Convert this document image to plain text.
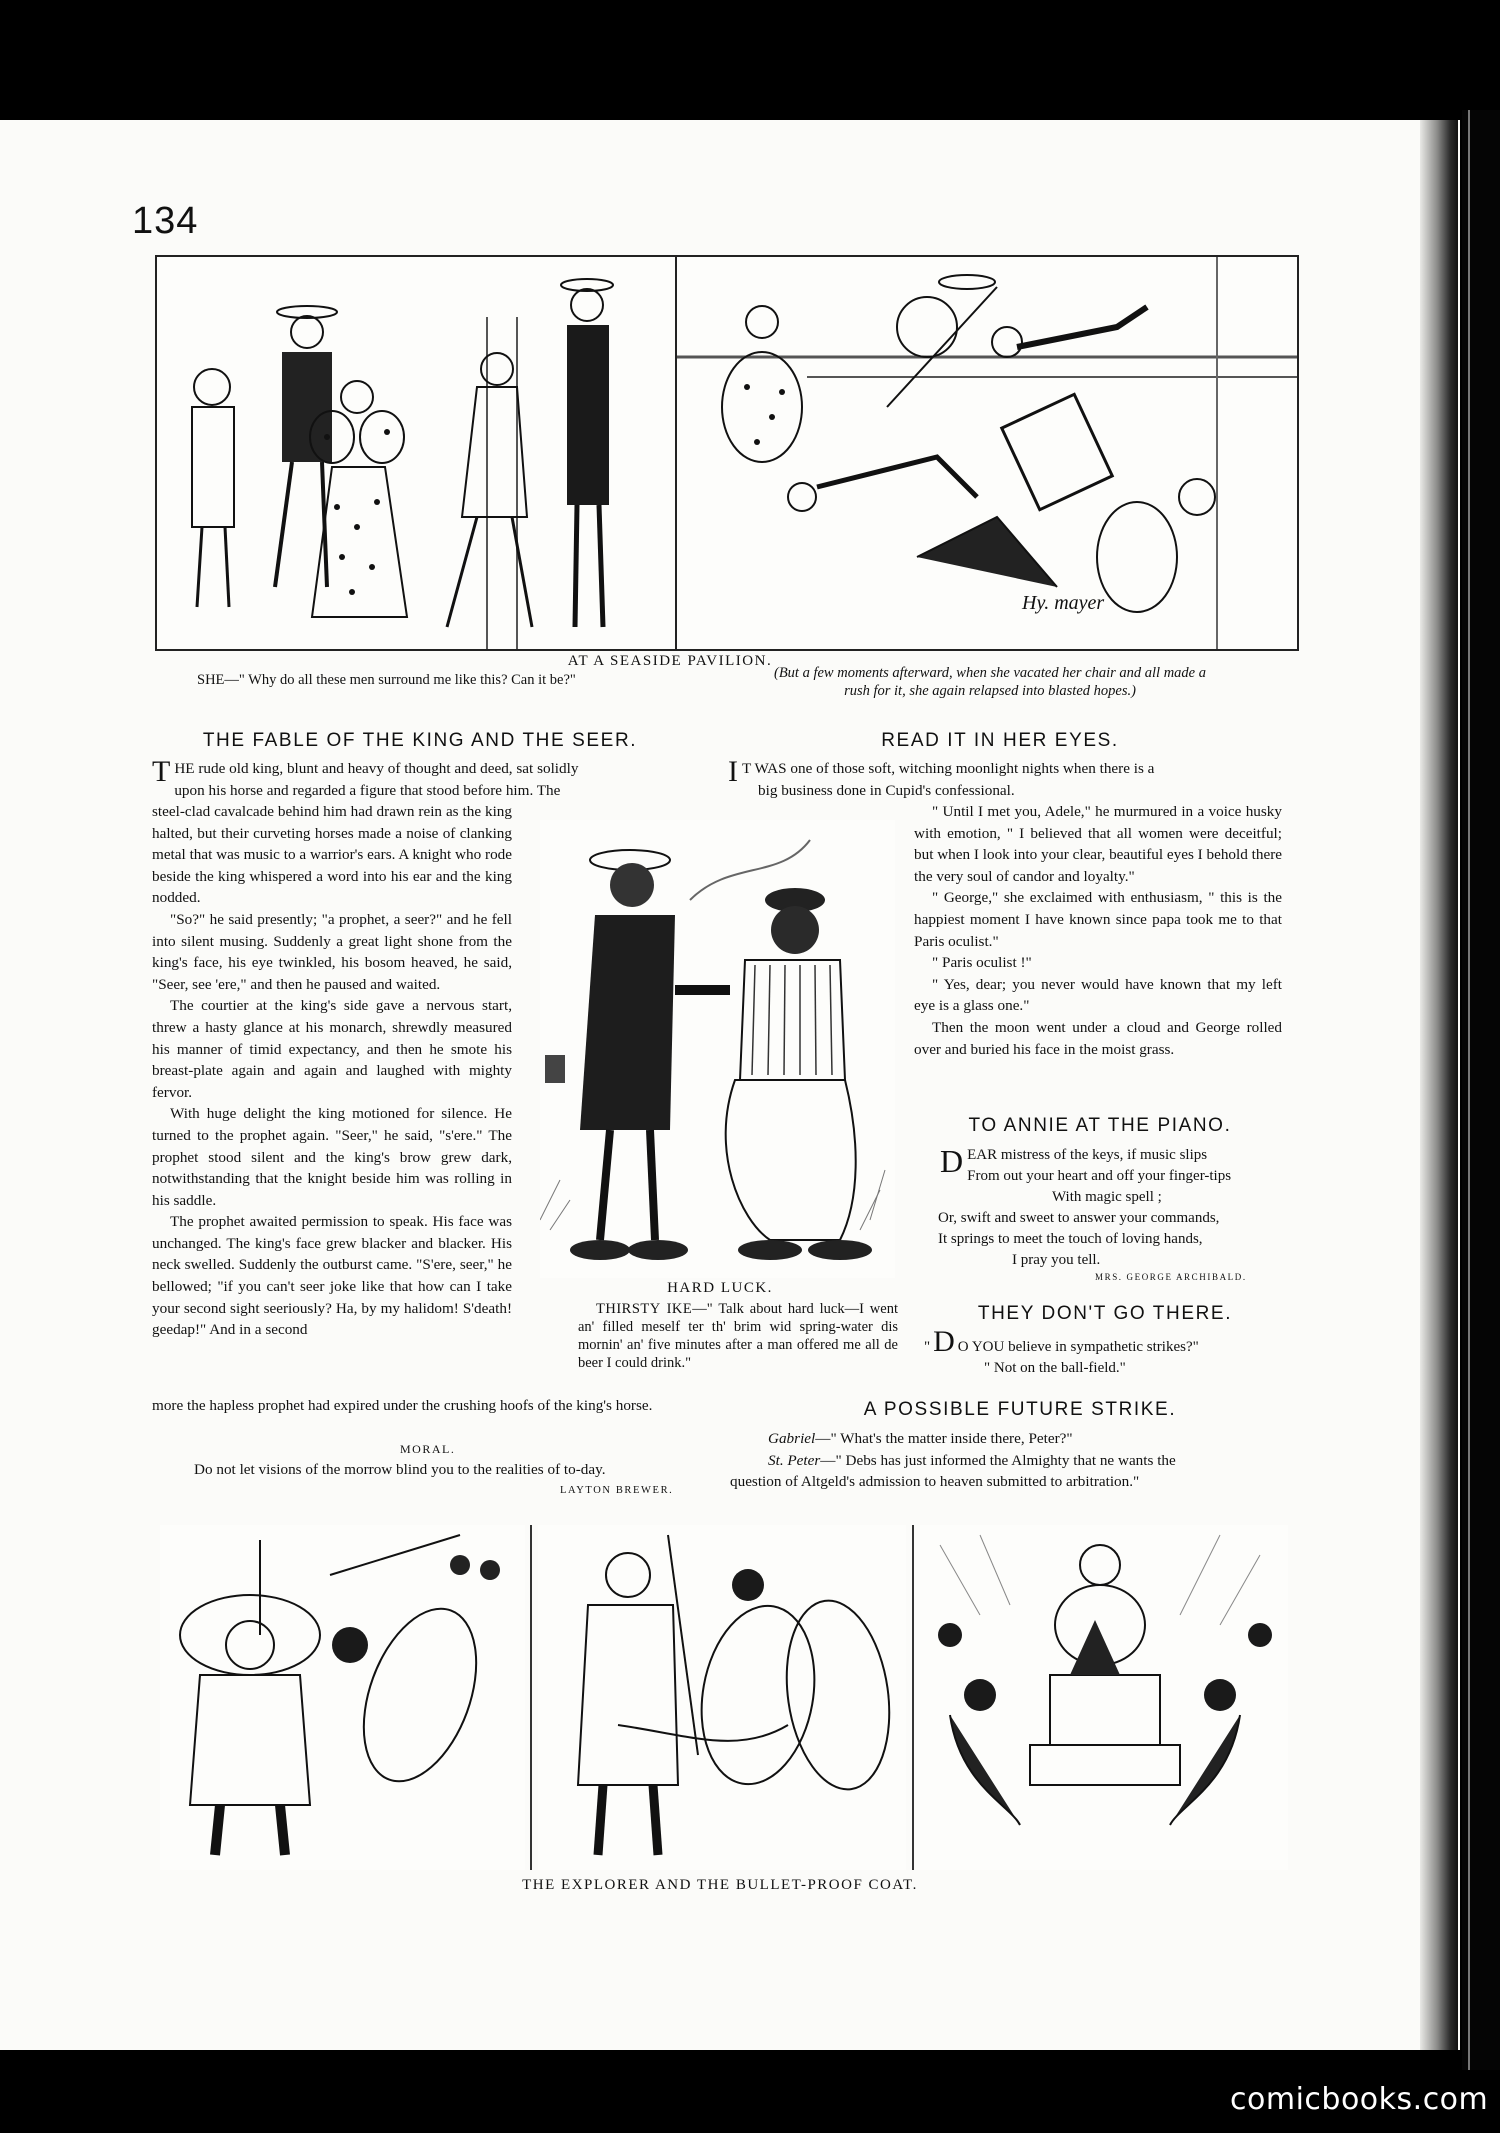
134
Hy. mayer
AT A SEASIDE PAVILION.
SHE—" Why do all these men surround me like this? Can it be?"	(But a few moments afterward, when she vacated her chair and all made a
rush for it, she again relapsed into blasted hopes.)
THE FABLE OF THE KING AND THE SEER.
T HE rude old king, blunt and heavy of thought and deed, sat solidly
upon his horse and regarded a figure that stood before him. The

steel-clad cavalcade behind him had drawn rein as the king halted, but their curveting horses made a noise of clanking metal that was music to a warrior's ears. A knight who rode beside the king whispered a word into his ear and the king nodded.

"So?" he said presently; "a prophet, a seer?" and he fell into silent musing. Suddenly a great light shone from the king's face, his eye twinkled, his bosom heaved, he said, "Seer, see 'ere," and then he paused and waited.

The courtier at the king's side gave a nervous start, threw a hasty glance at his monarch, shrewdly measured his manner of timid expectancy, and then he smote his breast-plate again and again and laughed with mighty fervor.

With huge delight the king motioned for silence. He turned to the prophet again. "Seer," he said, "s'ere." The prophet stood silent and the king's brow grew dark, notwithstanding that the knight beside him was rolling in his saddle.

The prophet awaited permission to speak. His face was unchanged. The king's face grew blacker and blacker. His neck swelled. Suddenly the outburst came. "S'ere, seer," he bellowed; "if you can't seer joke like that how can I take your second sight seeriously? Ha, by my halidom! S'death! geedap!" And in a second

more the hapless prophet had expired under the crushing hoofs of the king's horse.

MORAL.
Do not let visions of the morrow blind you to the realities of to-day.
LAYTON BREWER.
HARD LUCK.
THIRSTY IKE—" Talk about hard luck—I went an' filled meself ter th' brim wid spring-water dis mornin' an' five minutes after a man offered me all de beer I could drink."
READ IT IN HER EYES.
I T WAS one of those soft, witching moonlight nights when there is a
big business done in Cupid's confessional.

" Until I met you, Adele," he murmured in a voice husky with emotion, " I believed that all women were deceitful; but when I look into your clear, beautiful eyes I behold there the very soul of candor and loyalty."

" George," she exclaimed with enthusiasm, " this is the happiest moment I have known since papa took me to that Paris oculist."

" Paris oculist !"

" Yes, dear; you never would have known that my left eye is a glass one."

Then the moon went under a cloud and George rolled over and buried his face in the moist grass.

TO ANNIE AT THE PIANO.
D EAR mistress of the keys, if music slips
From out your heart and off your finger-tips
With magic spell ;
Or, swift and sweet to answer your commands,
It springs to meet the touch of loving hands,
I pray you tell.
MRS. GEORGE ARCHIBALD.
THEY DON'T GO THERE.
" D O YOU believe in sympathetic strikes?"
" Not on the ball-field."
A POSSIBLE FUTURE STRIKE.
Gabriel—" What's the matter inside there, Peter?"
St. Peter—" Debs has just informed the Almighty that ne wants the
question of Altgeld's admission to heaven submitted to arbitration."
THE EXPLORER AND THE BULLET-PROOF COAT.
comicbooks.com
